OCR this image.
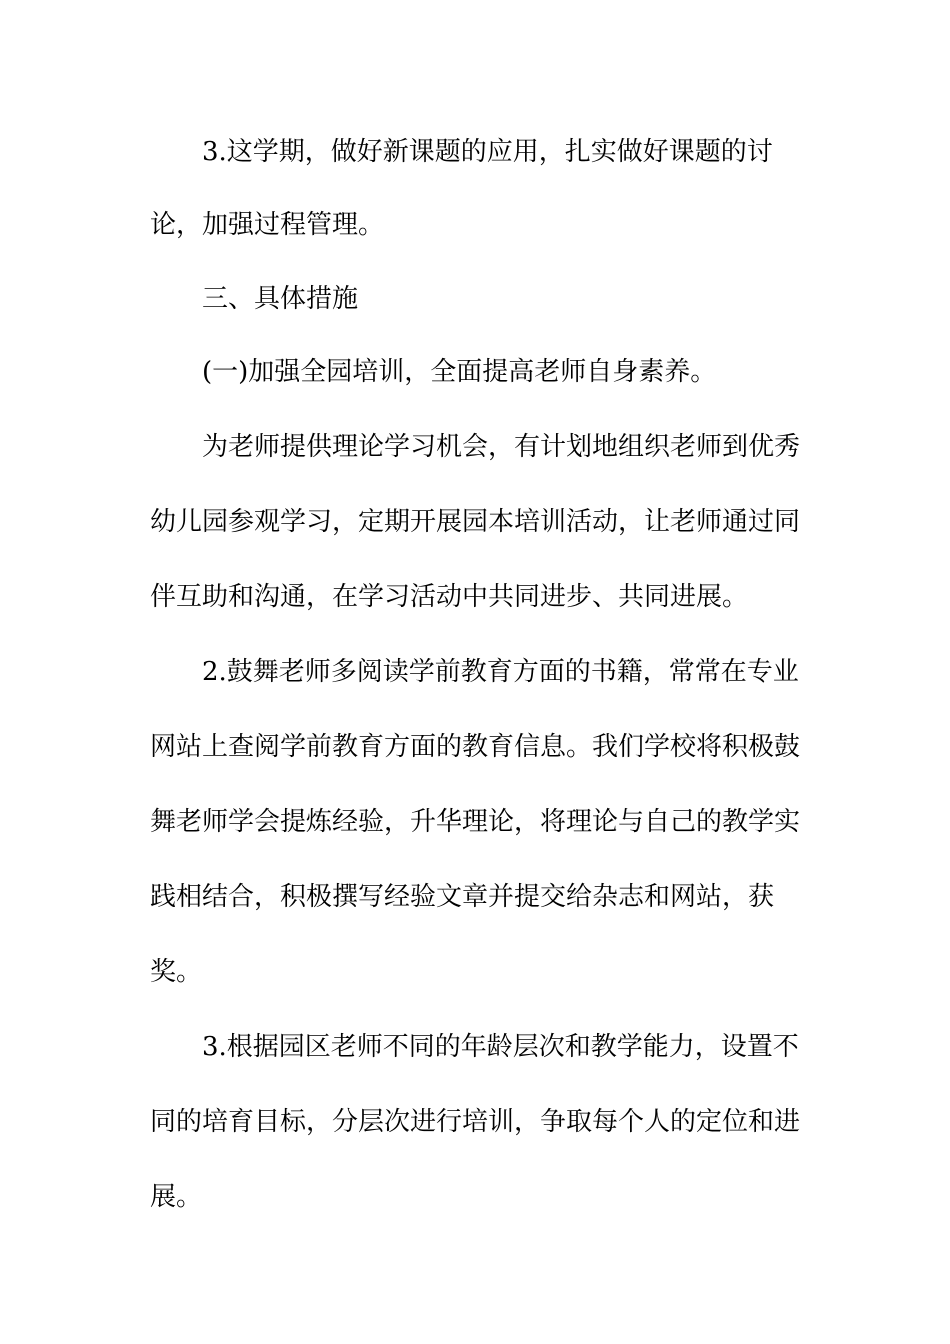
3.这学期，做好新课题的应用，扎实做好课题的讨
论，加强过程管理。
三、具体措施
(一)加强全园培训，全面提高老师自身素养。
为老师提供理论学习机会，有计划地组织老师到优秀
幼儿园参观学习，定期开展园本培训活动，让老师通过同
伴互助和沟通，在学习活动中共同进步、共同进展。
2.鼓舞老师多阅读学前教育方面的书籍，常常在专业
网站上查阅学前教育方面的教育信息。我们学校将积极鼓
舞老师学会提炼经验，升华理论，将理论与自己的教学实
践相结合，积极撰写经验文章并提交给杂志和网站，获
奖。
3.根据园区老师不同的年龄层次和教学能力，设置不
同的培育目标，分层次进行培训，争取每个人的定位和进
展。
